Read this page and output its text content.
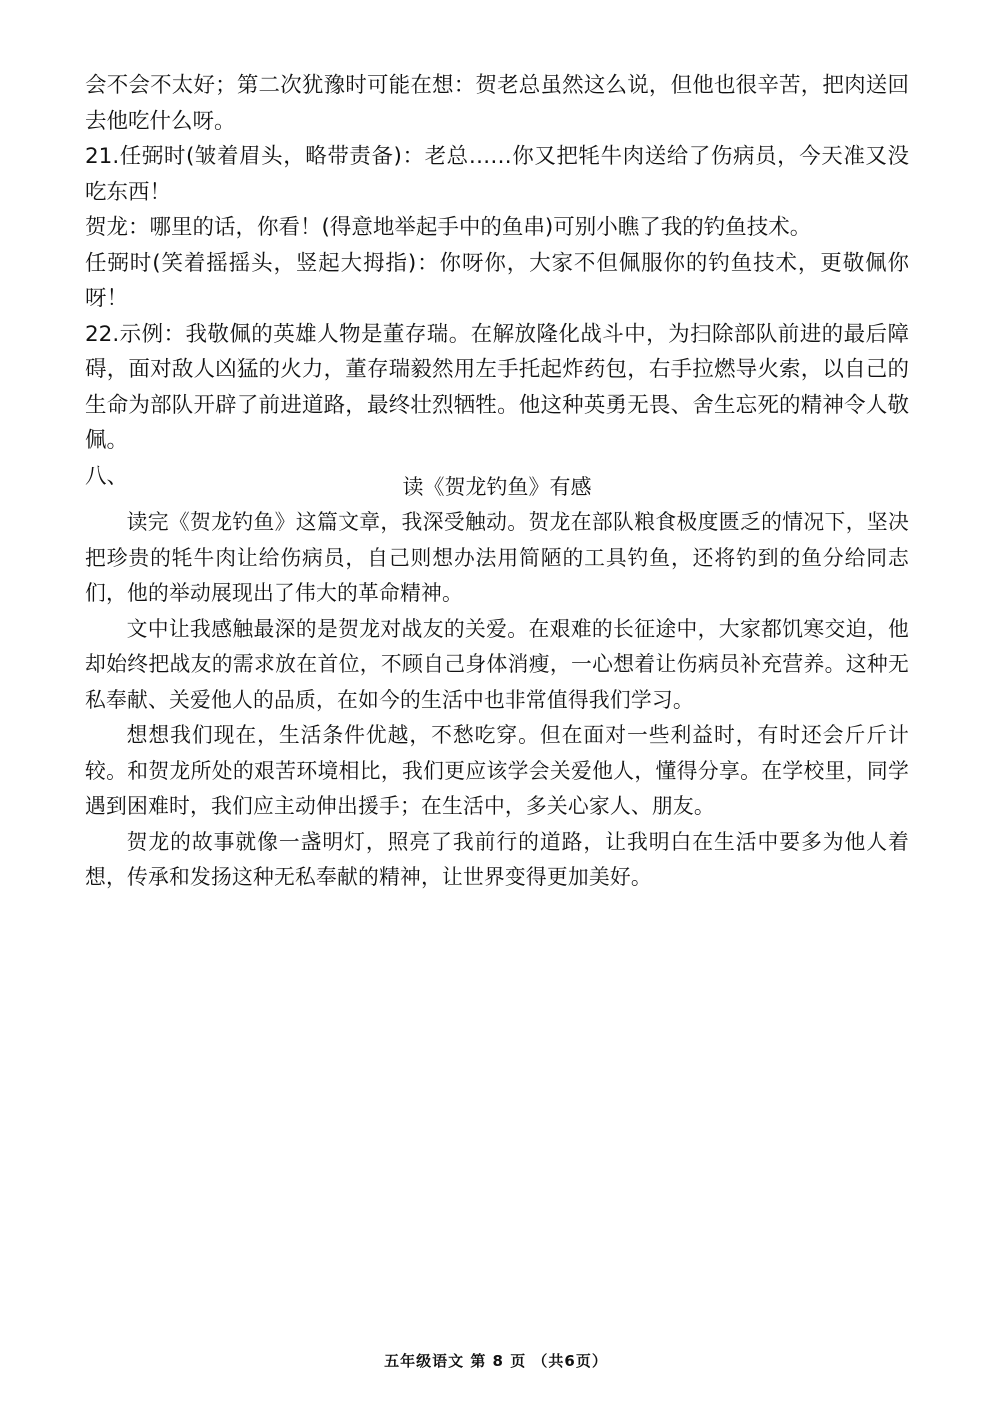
会不会不太好；第二次犹豫时可能在想：贺老总虽然这么说，但他也很辛苦，把肉送回去他吃什么呀。

21.任弼时(皱着眉头，略带责备)：老总……你又把牦牛肉送给了伤病员，今天准又没吃东西！

贺龙：哪里的话，你看！(得意地举起手中的鱼串)可别小瞧了我的钓鱼技术。

任弼时(笑着摇摇头，竖起大拇指)：你呀你，大家不但佩服你的钓鱼技术，更敬佩你呀！

22.示例：我敬佩的英雄人物是董存瑞。在解放隆化战斗中，为扫除部队前进的最后障碍，面对敌人凶猛的火力，董存瑞毅然用左手托起炸药包，右手拉燃导火索，以自己的生命为部队开辟了前进道路，最终壮烈牺牲。他这种英勇无畏、舍生忘死的精神令人敬佩。

八、	读《贺龙钓鱼》有感

读完《贺龙钓鱼》这篇文章，我深受触动。贺龙在部队粮食极度匮乏的情况下，坚决把珍贵的牦牛肉让给伤病员，自己则想办法用简陋的工具钓鱼，还将钓到的鱼分给同志们，他的举动展现出了伟大的革命精神。

文中让我感触最深的是贺龙对战友的关爱。在艰难的长征途中，大家都饥寒交迫，他却始终把战友的需求放在首位，不顾自己身体消瘦，一心想着让伤病员补充营养。这种无私奉献、关爱他人的品质，在如今的生活中也非常值得我们学习。

想想我们现在，生活条件优越，不愁吃穿。但在面对一些利益时，有时还会斤斤计较。和贺龙所处的艰苦环境相比，我们更应该学会关爱他人，懂得分享。在学校里，同学遇到困难时，我们应主动伸出援手；在生活中，多关心家人、朋友。

贺龙的故事就像一盏明灯，照亮了我前行的道路，让我明白在生活中要多为他人着想，传承和发扬这种无私奉献的精神，让世界变得更加美好。

五年级语文 第 8 页 （共6页）
